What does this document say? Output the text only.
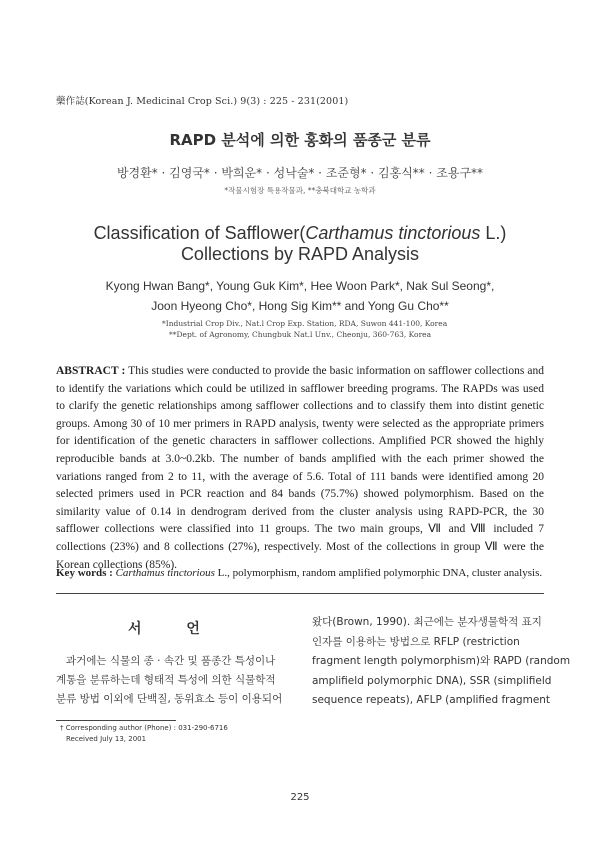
藥作誌(Korean J. Medicinal Crop Sci.) 9(3) : 225 - 231(2001)
RAPD 분석에 의한 홍화의 품종군 분류
방경환* · 김영국* · 박희운* · 성낙술* · 조준형* · 김홍식** · 조용구**
*작물시험장 특용작물과, **충북대학교 농학과
Classification of Safflower(Carthamus tinctorious L.)
Collections by RAPD Analysis
Kyong Hwan Bang*, Young Guk Kim*, Hee Woon Park*, Nak Sul Seong*,
Joon Hyeong Cho*, Hong Sig Kim** and Yong Gu Cho**
*Industrial Crop Div., Nat.l Crop Exp. Station, RDA, Suwon 441-100, Korea
**Dept. of Agronomy, Chungbuk Nat.l Unv., Cheonju, 360-763, Korea
ABSTRACT : This studies were conducted to provide the basic information on safflower collections and to identify the variations which could be utilized in safflower breeding programs. The RAPDs was used to clarify the genetic relationships among safflower collections and to classify them into distint genetic groups. Among 30 of 10 mer primers in RAPD analysis, twenty were selected as the appropriate primers for identification of the genetic characters in safflower collections. Amplified PCR showed the highly reproducible bands at 3.0~0.2kb. The number of bands amplified with the each primer showed the variations ranged from 2 to 11, with the average of 5.6. Total of 111 bands were identified among 20 selected primers used in PCR reaction and 84 bands (75.7%) showed polymorphism. Based on the similarity value of 0.14 in dendrogram derived from the cluster analysis using RAPD-PCR, the 30 safflower collections were classified into 11 groups. The two main groups, Ⅶ and Ⅷ included 7 collections (23%) and 8 collections (27%), respectively. Most of the collections in group Ⅶ were the Korean collections (85%).
Key words : Carthamus tinctorious L., polymorphism, random amplified polymorphic DNA, cluster analysis.
서 언
과거에는 식물의 종 · 속간 및 품종간 특성이나
계통을 분류하는데 형태적 특성에 의한 식물학적
분류 방법 이외에 단백질, 동위효소 등이 이용되어
왔다(Brown, 1990). 최근에는 분자생물학적 표지
인자를 이용하는 방법으로 RFLP (restriction
fragment length polymorphism)와 RAPD (random
amplifield polymorphic DNA), SSR (simplifield
sequence repeats), AFLP (amplified fragment
† Corresponding author (Phone) : 031-290-6716
Received July 13, 2001
225
